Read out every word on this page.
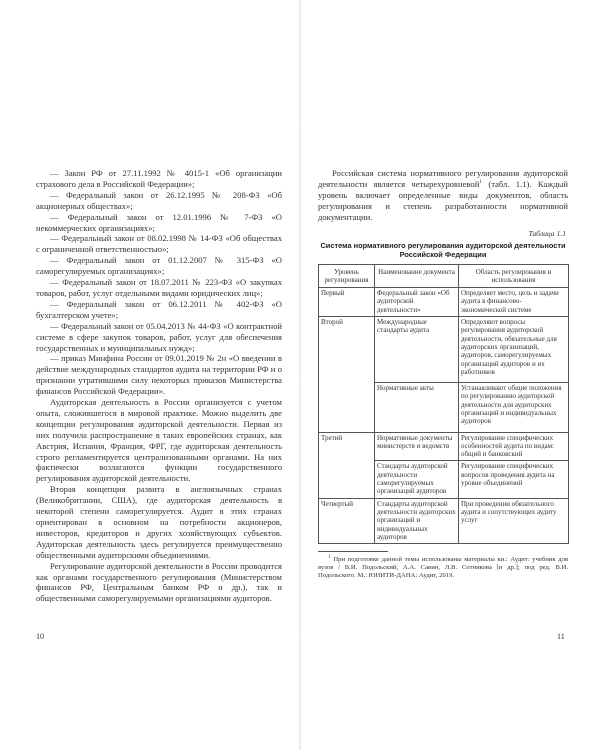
— Закон РФ от 27.11.1992 № 4015-1 «Об организации страхового дела в Российской Федерации»;

— Федеральный закон от 26.12.1995 № 208-ФЗ «Об акционерных обществах»;

— Федеральный закон от 12.01.1996 № 7-ФЗ «О некоммерческих организациях»;

— Федеральный закон от 08.02.1998 № 14-ФЗ «Об обществах с ограниченной ответственностью»;

— Федеральный закон от 01.12.2007 № 315-ФЗ «О саморегулируемых организациях»;

— Федеральный закон от 18.07.2011 № 223-ФЗ «О закупках товаров, работ, услуг отдельными видами юридических лиц»;

— Федеральный закон от 06.12.2011 № 402-ФЗ «О бухгалтерском учете»;

— Федеральный закон от 05.04.2013 № 44-ФЗ «О контрактной системе в сфере закупок товаров, работ, услуг для обеспечения государственных и муниципальных нужд»;

— приказ Минфина России от 09.01.2019 № 2н «О введении в действие международных стандартов аудита на территории РФ и о признании утратившими силу некоторых приказов Министерства финансов Российской Федерации».

Аудиторская деятельность в России организуется с учетом опыта, сложившегося в мировой практике. Можно выделить две концепции регулирования аудиторской деятельности. Первая из них получила распространение в таких европейских странах, как Австрия, Испания, Франция, ФРГ, где аудиторская деятельность строго регламентируется централизованными органами. На них фактически возлагаются функции государственного регулирования аудиторской деятельности.

Вторая концепция развита в англоязычных странах (Великобритании, США), где аудиторская деятельность в некоторой степени саморегулируется. Аудит в этих странах ориентирован в основном на потребности акционеров, инвесторов, кредиторов и других хозяйствующих субъектов. Аудиторская деятельность здесь регулируется преимущественно общественными аудиторскими объединениями.

Регулирование аудиторской деятельности в России проводится как органами государственного регулирования (Министерством финансов РФ, Центральным банком РФ и др.), так и общественными саморегулируемыми организациями аудиторов.

Российская система нормативного регулирования аудиторской деятельности является четырехуровневой$^1$ (табл. 1.1). Каждый уровень включает определенные виды документов, область регулирования и степень разработанности нормативной документации.

Таблица 1.1
Система нормативного регулирования аудиторской деятельности Российской Федерации
Уровень регулирования	Наименование документа	Область регулирования и использования
Первый	Федеральный закон «Об аудиторской деятельности»	Определяет место, цель и задачи аудита в финансово-экономической системе
Второй	Международные стандарты аудита	Определяют вопросы регулирования аудиторской деятельности, обязательные для аудиторских организаций, аудиторов, саморегулируемых организаций аудиторов и их работников
	Нормативные акты	Устанавливают общие положения по регулированию аудиторской деятельности для аудиторских организаций и индивидуальных аудиторов
Третий	Нормативные документы министерств и ведомств	Регулирование специфических особенностей аудита по видам: общий и банковский
	Стандарты аудиторской деятельности саморегулируемых организаций аудиторов	Регулирование специфических вопросов проведения аудита на уровне объединений
Четвертый	Стандарты аудиторской деятельности аудиторских организаций и индивидуальных аудиторов	При проведении обязательного аудита и сопутствующих аудиту услуг

$^1$ При подготовке данной темы использованы материалы кн.: Аудит: учебник для вузов / В.И. Подольский, А.А. Савин, Л.В. Сотникова [и др.]; под ред. В.И. Подольского. М.: ЮНИТИ-ДАНА: Аудит, 2019.

10	11
